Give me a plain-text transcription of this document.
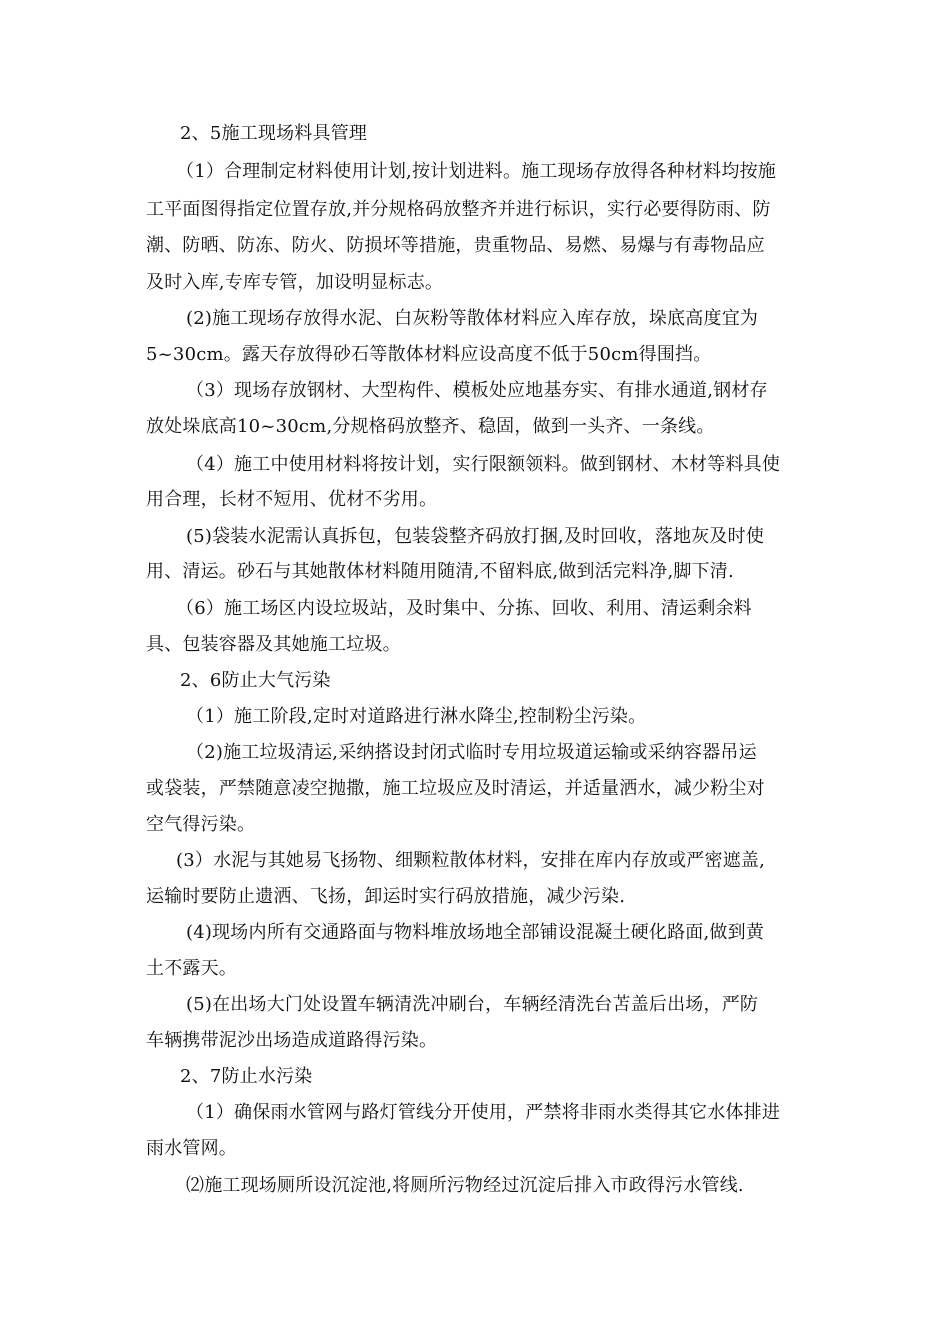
2、5施工现场料具管理

（1）合理制定材料使用计划,按计划进料。施工现场存放得各种材料均按施

工平面图得指定位置存放,并分规格码放整齐并进行标识，实行必要得防雨、防

潮、防晒、防冻、防火、防损坏等措施，贵重物品、易燃、易爆与有毒物品应

及时入库,专库专管，加设明显标志。

(2)施工现场存放得水泥、白灰粉等散体材料应入库存放，垛底高度宜为

5~30cm。露天存放得砂石等散体材料应设高度不低于50cm得围挡。

（3）现场存放钢材、大型构件、模板处应地基夯实、有排水通道,钢材存

放处垛底高10~30cm,分规格码放整齐、稳固，做到一头齐、一条线。

（4）施工中使用材料将按计划，实行限额领料。做到钢材、木材等料具使

用合理，长材不短用、优材不劣用。

(5)袋装水泥需认真拆包，包装袋整齐码放打捆,及时回收，落地灰及时使

用、清运。砂石与其她散体材料随用随清,不留料底,做到活完料净,脚下清.

（6）施工场区内设垃圾站，及时集中、分拣、回收、利用、清运剩余料

具、包装容器及其她施工垃圾。

2、6防止大气污染

（1）施工阶段,定时对道路进行淋水降尘,控制粉尘污染。

（2)施工垃圾清运,采纳搭设封闭式临时专用垃圾道运输或采纳容器吊运

或袋装，严禁随意凌空抛撒，施工垃圾应及时清运，并适量洒水，减少粉尘对

空气得污染。

(3）水泥与其她易飞扬物、细颗粒散体材料，安排在库内存放或严密遮盖,

运输时要防止遗洒、飞扬，卸运时实行码放措施，减少污染.

(4)现场内所有交通路面与物料堆放场地全部铺设混凝土硬化路面,做到黄

土不露天。

(5)在出场大门处设置车辆清洗冲刷台，车辆经清洗台苫盖后出场，严防

车辆携带泥沙出场造成道路得污染。

2、7防止水污染

（1）确保雨水管网与路灯管线分开使用，严禁将非雨水类得其它水体排进

雨水管网。

⑵施工现场厕所设沉淀池,将厕所污物经过沉淀后排入市政得污水管线.
